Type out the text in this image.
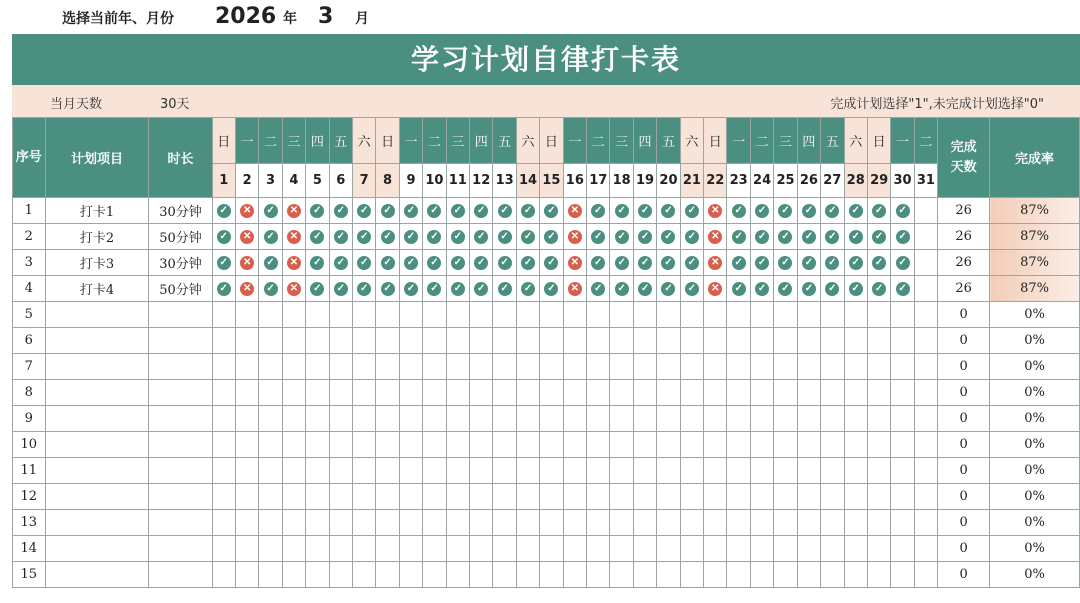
选择当前年、月份 2026 年 3 月
学习计划自律打卡表
当月天数	30天	完成计划选择"1",未完成计划选择"0"
序号	计划项目	时长	日	一	二	三	四	五	六	日	一	二	三	四	五	六	日	一	二	三	四	五	六	日	一	二	三	四	五	六	日	一	二	完成天数	完成率
			1	2	3	4	5	6	7	8	9	10	11	12	13	14	15	16	17	18	19	20	21	22	23	24	25	26	27	28	29	30	31		
1	打卡1	30分钟	✓	✕	✓	✕	✓	✓	✓	✓	✓	✓	✓	✓	✓	✓	✓	✕	✓	✓	✓	✓	✓	✕	✓	✓	✓	✓	✓	✓	✓	✓		26	87%
2	打卡2	50分钟	✓	✕	✓	✕	✓	✓	✓	✓	✓	✓	✓	✓	✓	✓	✓	✕	✓	✓	✓	✓	✓	✕	✓	✓	✓	✓	✓	✓	✓	✓		26	87%
3	打卡3	30分钟	✓	✕	✓	✕	✓	✓	✓	✓	✓	✓	✓	✓	✓	✓	✓	✕	✓	✓	✓	✓	✓	✕	✓	✓	✓	✓	✓	✓	✓	✓		26	87%
4	打卡4	50分钟	✓	✕	✓	✕	✓	✓	✓	✓	✓	✓	✓	✓	✓	✓	✓	✕	✓	✓	✓	✓	✓	✕	✓	✓	✓	✓	✓	✓	✓	✓		26	87%
5																																		0	0%
6																																		0	0%
7																																		0	0%
8																																		0	0%
9																																		0	0%
10																																		0	0%
11																																		0	0%
12																																		0	0%
13																																		0	0%
14																																		0	0%
15																																		0	0%
